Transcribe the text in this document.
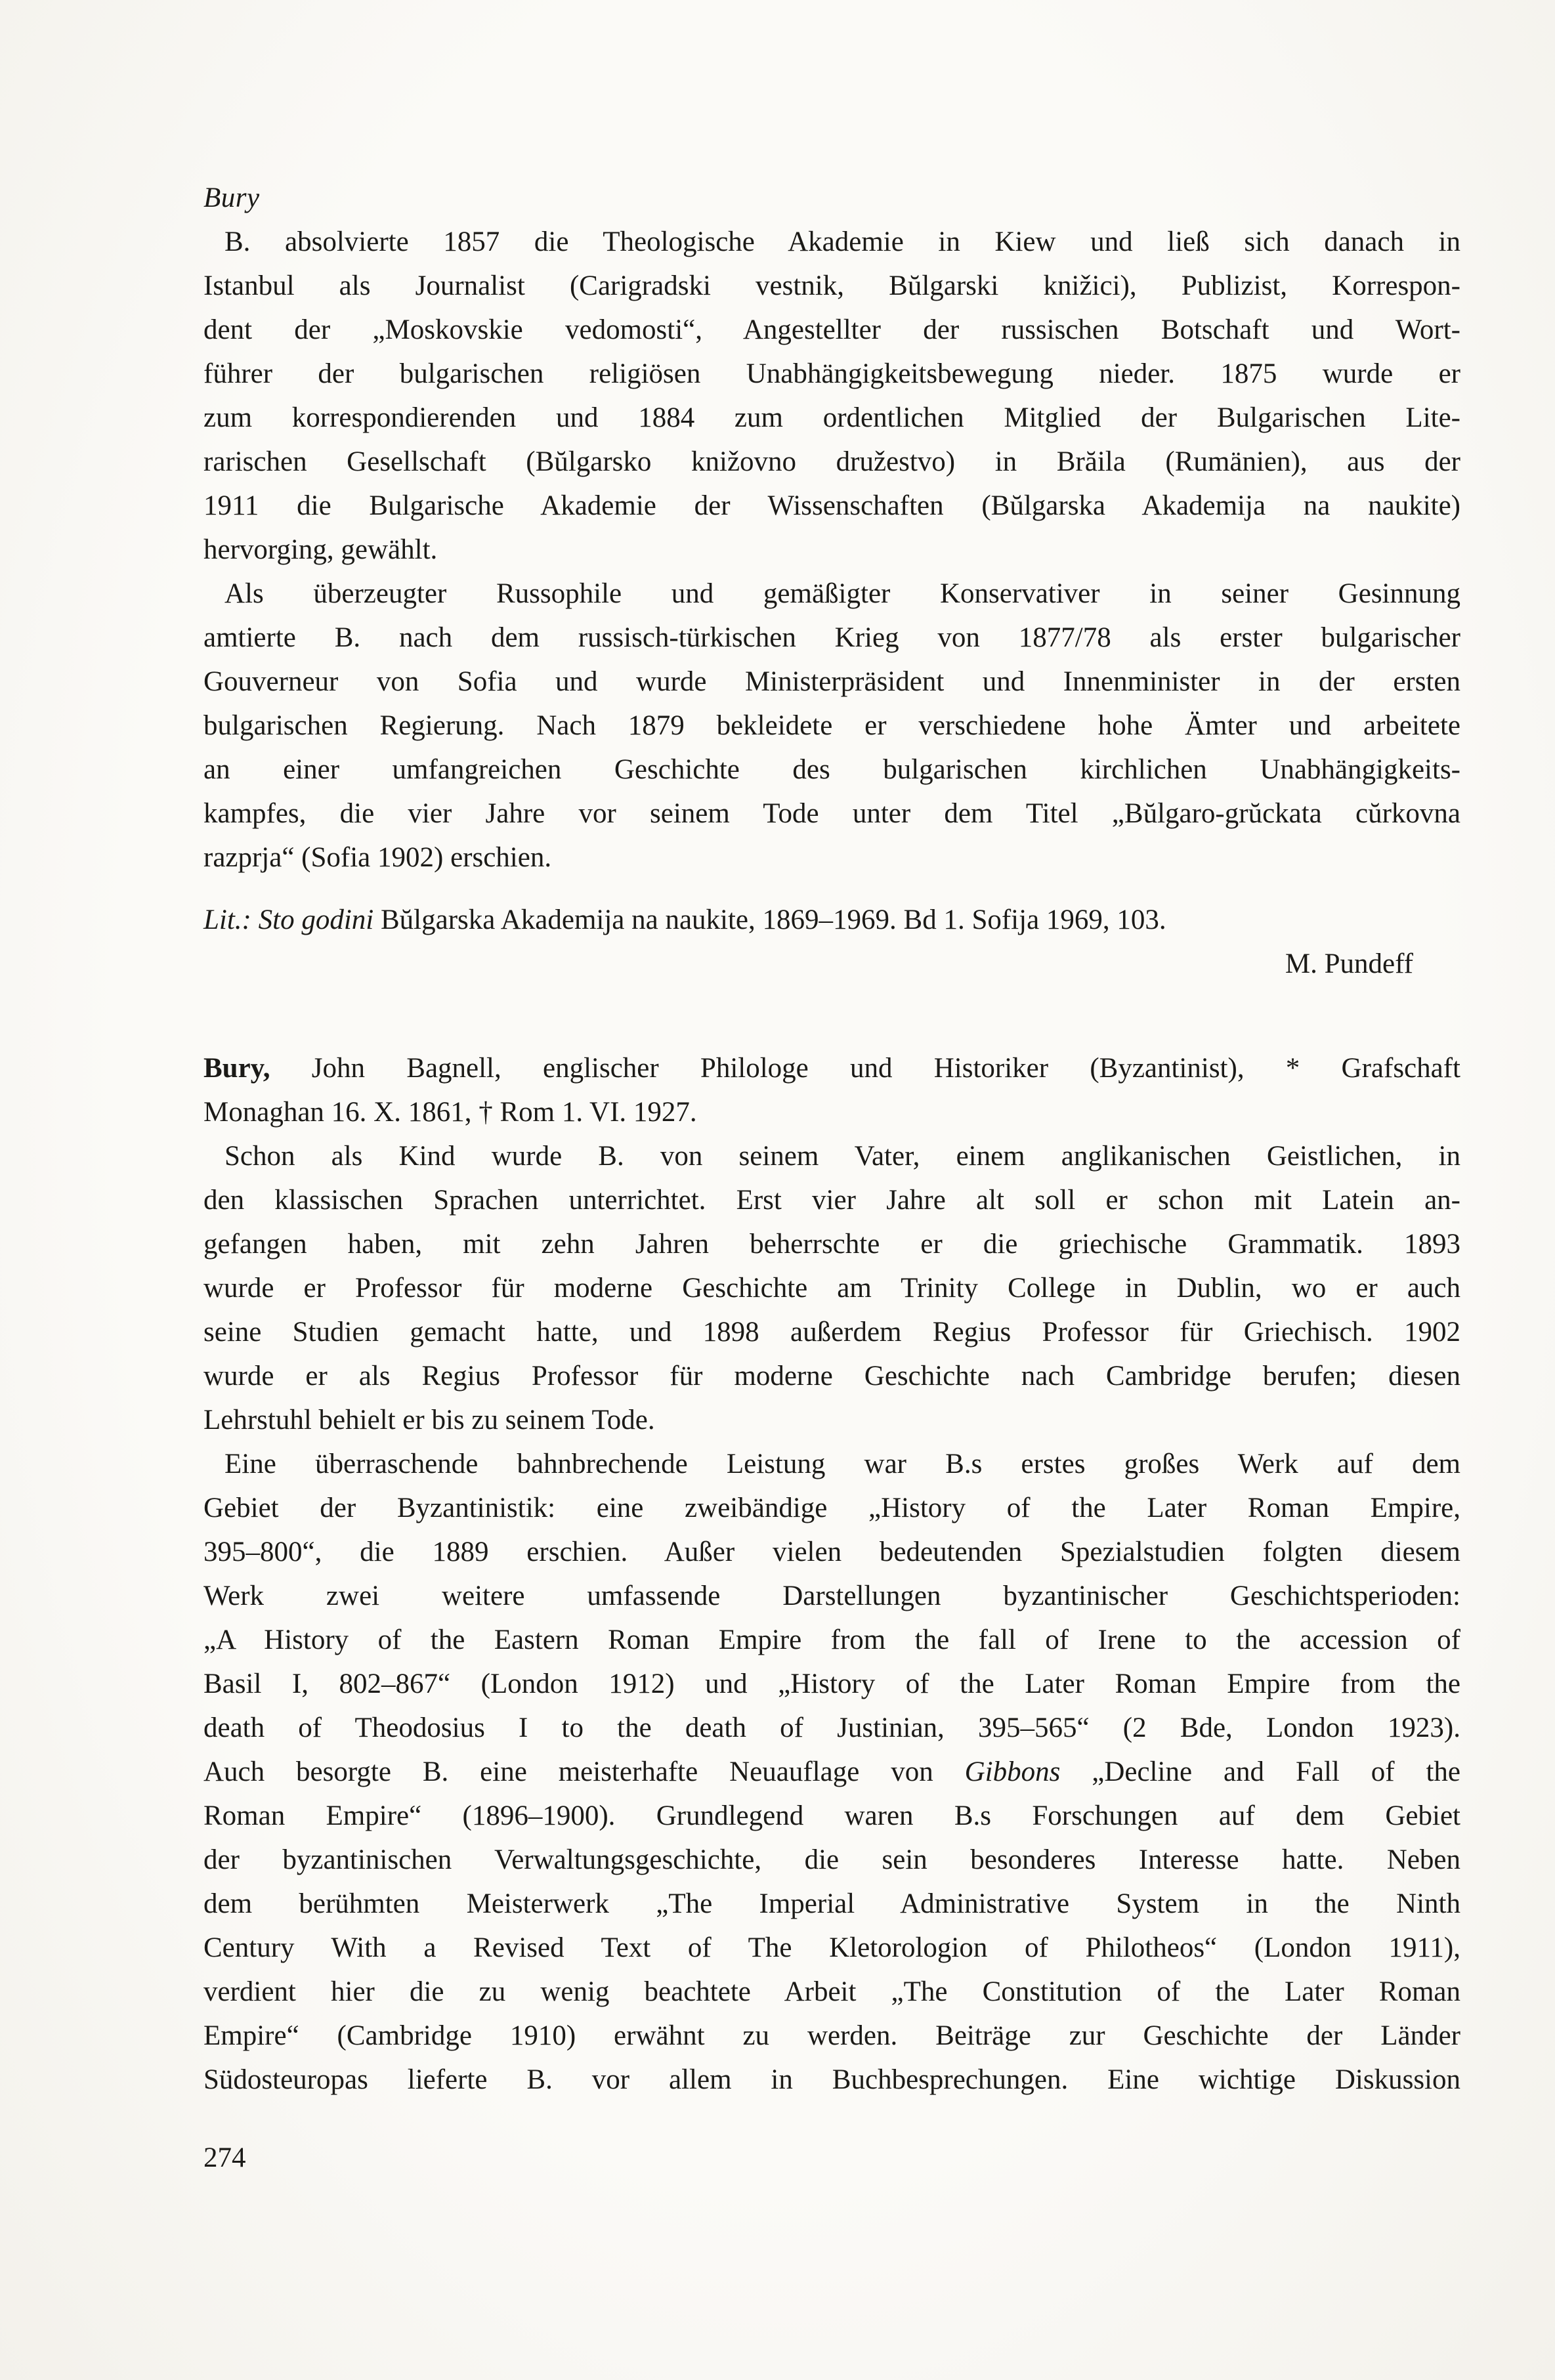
Bury
B. absolvierte 1857 die Theologische Akademie in Kiew und ließ sich danach in
Istanbul als Journalist (Carigradski vestnik, Bŭlgarski knižici), Publizist, Korrespon-
dent der „Moskovskie vedomosti“, Angestellter der russischen Botschaft und Wort-
führer der bulgarischen religiösen Unabhängigkeitsbewegung nieder. 1875 wurde er
zum korrespondierenden und 1884 zum ordentlichen Mitglied der Bulgarischen Lite-
rarischen Gesellschaft (Bŭlgarsko knižovno družestvo) in Brăila (Rumänien), aus der
1911 die Bulgarische Akademie der Wissenschaften (Bŭlgarska Akademija na naukite)
hervorging, gewählt.
Als überzeugter Russophile und gemäßigter Konservativer in seiner Gesinnung
amtierte B. nach dem russisch-türkischen Krieg von 1877/78 als erster bulgarischer
Gouverneur von Sofia und wurde Ministerpräsident und Innenminister in der ersten
bulgarischen Regierung. Nach 1879 bekleidete er verschiedene hohe Ämter und arbeitete
an einer umfangreichen Geschichte des bulgarischen kirchlichen Unabhängigkeits-
kampfes, die vier Jahre vor seinem Tode unter dem Titel „Bŭlgaro-grŭckata cŭrkovna
razprja“ (Sofia 1902) erschien.
Lit.: Sto godini Bŭlgarska Akademija na naukite, 1869–1969. Bd 1. Sofija 1969, 103.
M. Pundeff
Bury, John Bagnell, englischer Philologe und Historiker (Byzantinist), * Grafschaft
Monaghan 16. X. 1861, † Rom 1. VI. 1927.
Schon als Kind wurde B. von seinem Vater, einem anglikanischen Geistlichen, in
den klassischen Sprachen unterrichtet. Erst vier Jahre alt soll er schon mit Latein an-
gefangen haben, mit zehn Jahren beherrschte er die griechische Grammatik. 1893
wurde er Professor für moderne Geschichte am Trinity College in Dublin, wo er auch
seine Studien gemacht hatte, und 1898 außerdem Regius Professor für Griechisch. 1902
wurde er als Regius Professor für moderne Geschichte nach Cambridge berufen; diesen
Lehrstuhl behielt er bis zu seinem Tode.
Eine überraschende bahnbrechende Leistung war B.s erstes großes Werk auf dem
Gebiet der Byzantinistik: eine zweibändige „History of the Later Roman Empire,
395–800“, die 1889 erschien. Außer vielen bedeutenden Spezialstudien folgten diesem
Werk zwei weitere umfassende Darstellungen byzantinischer Geschichtsperioden:
„A History of the Eastern Roman Empire from the fall of Irene to the accession of
Basil I, 802–867“ (London 1912) und „History of the Later Roman Empire from the
death of Theodosius I to the death of Justinian, 395–565“ (2 Bde, London 1923).
Auch besorgte B. eine meisterhafte Neuauflage von Gibbons „Decline and Fall of the
Roman Empire“ (1896–1900). Grundlegend waren B.s Forschungen auf dem Gebiet
der byzantinischen Verwaltungsgeschichte, die sein besonderes Interesse hatte. Neben
dem berühmten Meisterwerk „The Imperial Administrative System in the Ninth
Century With a Revised Text of The Kletorologion of Philotheos“ (London 1911),
verdient hier die zu wenig beachtete Arbeit „The Constitution of the Later Roman
Empire“ (Cambridge 1910) erwähnt zu werden. Beiträge zur Geschichte der Länder
Südosteuropas lieferte B. vor allem in Buchbesprechungen. Eine wichtige Diskussion
274
